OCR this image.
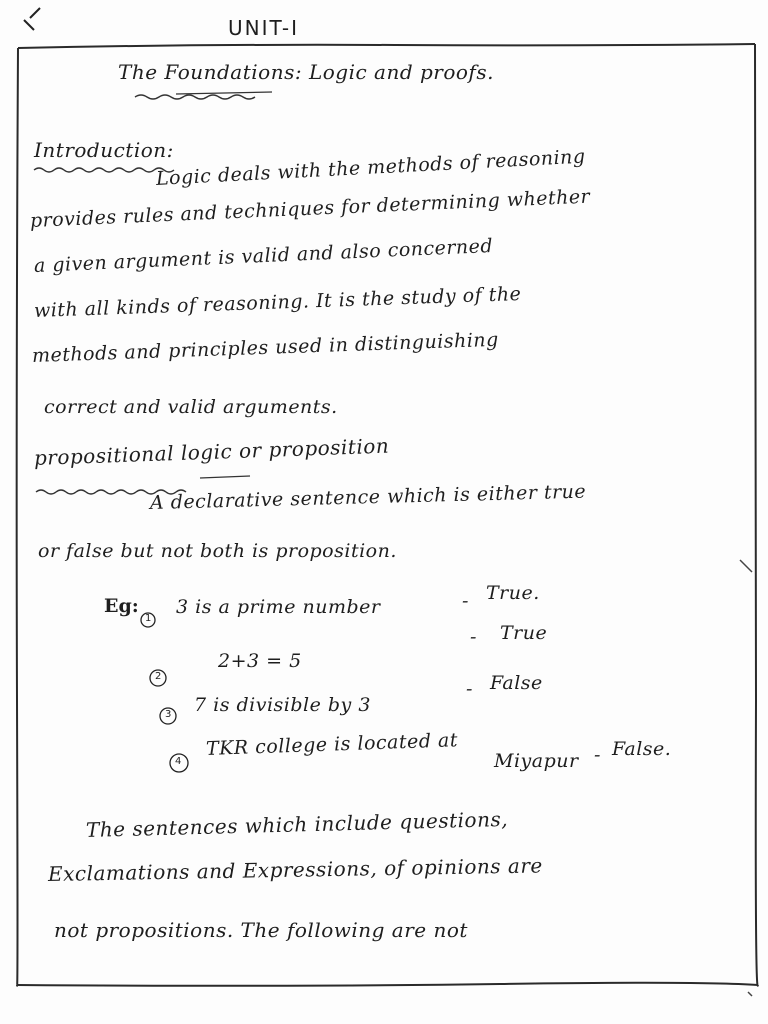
UNIT-I
The Foundations: Logic and proofs.
Introduction:
Logic deals with the methods of reasoning
provides rules and techniques for determining whether
a given argument is valid and also concerned
with all kinds of reasoning. It is the study of the
methods and principles used in distinguishing
correct and valid arguments.
propositional logic or proposition
A declarative sentence which is either true
or false but not both is proposition.
Eg:
1
3 is a prime number	- True.
2
2+3 = 5
- True
3 7 is divisible by 3
- False
4
TKR college is located at
Miyapur - False.
The sentences which include questions,
Exclamations and Expressions, of opinions are
not propositions. The following are not
